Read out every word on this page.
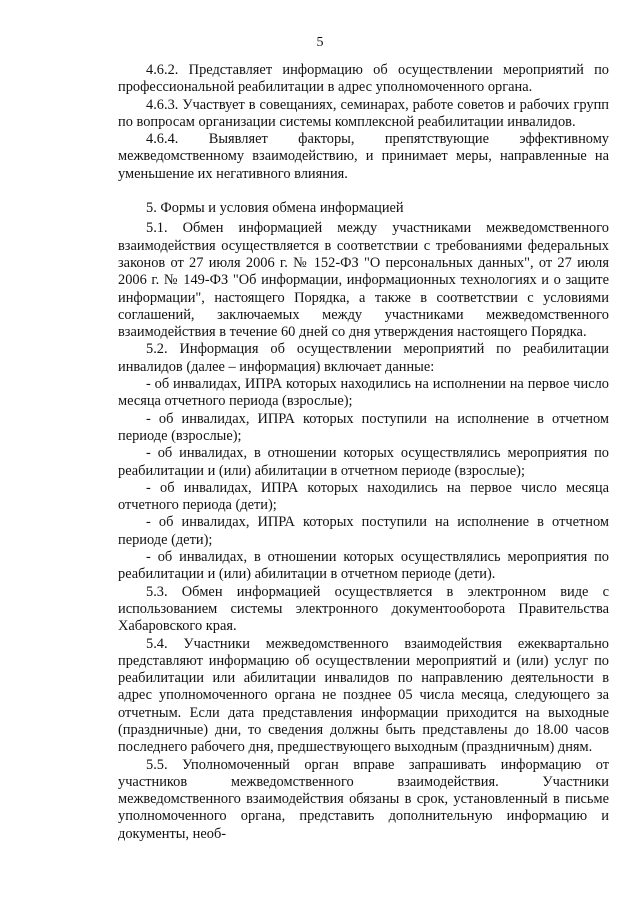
5

4.6.2. Представляет информацию об осуществлении мероприятий по профессиональной реабилитации в адрес уполномоченного органа.

4.6.3. Участвует в совещаниях, семинарах, работе советов и рабочих групп по вопросам организации системы комплексной реабилитации инвалидов.

4.6.4. Выявляет факторы, препятствующие эффективному межведомственному взаимодействию, и принимает меры, направленные на уменьшение их негативного влияния.

5. Формы и условия обмена информацией

5.1. Обмен информацией между участниками межведомственного взаимодействия осуществляется в соответствии с требованиями федеральных законов от 27 июля 2006 г. № 152-ФЗ "О персональных данных", от 27 июля 2006 г. № 149-ФЗ "Об информации, информационных технологиях и о защите информации", настоящего Порядка, а также в соответствии с условиями соглашений, заключаемых между участниками межведомственного взаимодействия в течение 60 дней со дня утверждения настоящего Порядка.

5.2. Информация об осуществлении мероприятий по реабилитации инвалидов (далее – информация) включает данные:

- об инвалидах, ИПРА которых находились на исполнении на первое число месяца отчетного периода (взрослые);

- об инвалидах, ИПРА которых поступили на исполнение в отчетном периоде (взрослые);

- об инвалидах, в отношении которых осуществлялись мероприятия по реабилитации и (или) абилитации в отчетном периоде (взрослые);

- об инвалидах, ИПРА которых находились на первое число месяца отчетного периода (дети);

- об инвалидах, ИПРА которых поступили на исполнение в отчетном периоде (дети);

- об инвалидах, в отношении которых осуществлялись мероприятия по реабилитации и (или) абилитации в отчетном периоде (дети).

5.3. Обмен информацией осуществляется в электронном виде с использованием системы электронного документооборота Правительства Хабаровского края.

5.4. Участники межведомственного взаимодействия ежеквартально представляют информацию об осуществлении мероприятий и (или) услуг по реабилитации или абилитации инвалидов по направлению деятельности в адрес уполномоченного органа не позднее 05 числа месяца, следующего за отчетным. Если дата представления информации приходится на выходные (праздничные) дни, то сведения должны быть представлены до 18.00 часов последнего рабочего дня, предшествующего выходным (праздничным) дням.

5.5. Уполномоченный орган вправе запрашивать информацию от участников межведомственного взаимодействия. Участники межведомственного взаимодействия обязаны в срок, установленный в письме уполномоченного органа, представить дополнительную информацию и документы, необ-
